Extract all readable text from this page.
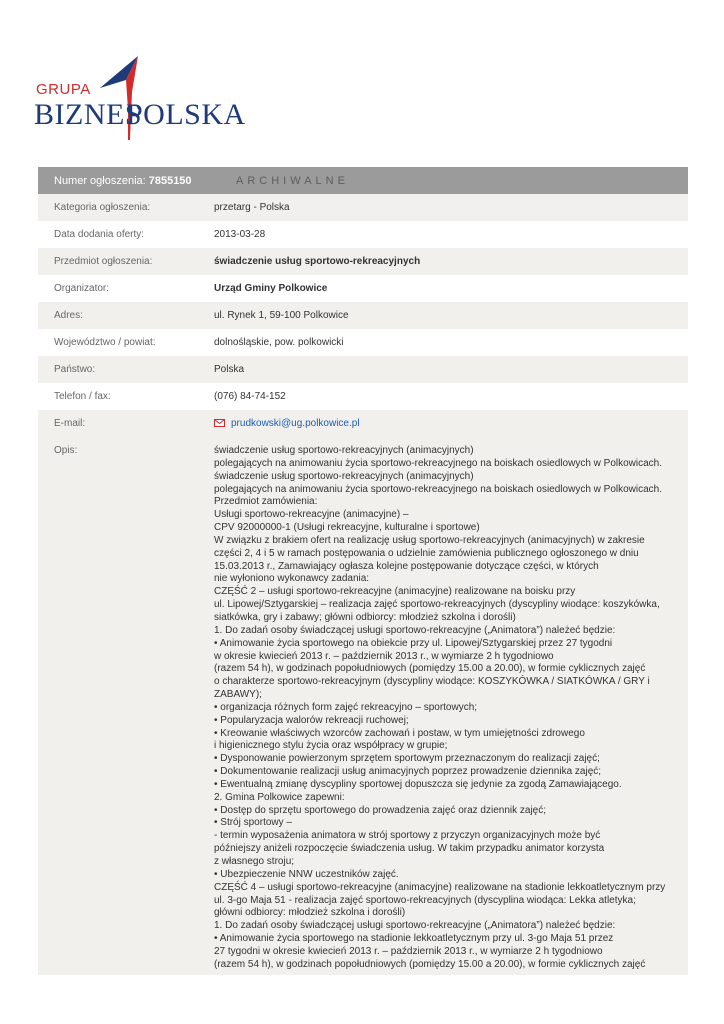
GRUPA
BIZNES
POLSKA
Numer ogłoszenia: 7855150	ARCHIWALNE
Kategoria ogłoszenia:	przetarg - Polska
Data dodania oferty:	2013-03-28
Przedmiot ogłoszenia:	świadczenie usług sportowo-rekreacyjnych
Organizator:	Urząd Gminy Polkowice
Adres:	ul. Rynek 1, 59-100 Polkowice
Województwo / powiat:	dolnośląskie, pow. polkowicki
Państwo:	Polska
Telefon / fax:	(076) 84-74-152
E-mail:	prudkowski@ug.polkowice.pl
Opis:	świadczenie usług sportowo-rekreacyjnych (animacyjnych)
polegających na animowaniu życia sportowo-rekreacyjnego na boiskach osiedlowych w Polkowicach.
świadczenie usług sportowo-rekreacyjnych (animacyjnych)
polegających na animowaniu życia sportowo-rekreacyjnego na boiskach osiedlowych w Polkowicach.
Przedmiot zamówienia:
Usługi sportowo-rekreacyjne (animacyjne) –
CPV 92000000-1 (Usługi rekreacyjne, kulturalne i sportowe)
W związku z brakiem ofert na realizację usług sportowo-rekreacyjnych (animacyjnych) w zakresie
części 2, 4 i 5 w ramach postępowania o udzielnie zamówienia publicznego ogłoszonego w dniu
15.03.2013 r., Zamawiający ogłasza kolejne postępowanie dotyczące części, w których
nie wyłoniono wykonawcy zadania:
CZĘŚĆ 2 – usługi sportowo-rekreacyjne (animacyjne) realizowane na boisku przy
ul. Lipowej/Sztygarskiej – realizacja zajęć sportowo-rekreacyjnych (dyscypliny wiodące: koszykówka,
siatkówka, gry i zabawy; główni odbiorcy: młodzież szkolna i dorośli)
1. Do zadań osoby świadczącej usługi sportowo-rekreacyjne („Animatora”) należeć będzie:
• Animowanie życia sportowego na obiekcie przy ul. Lipowej/Sztygarskiej przez 27 tygodni
w okresie kwiecień 2013 r. – październik 2013 r., w wymiarze 2 h tygodniowo
(razem 54 h), w godzinach popołudniowych (pomiędzy 15.00 a 20.00), w formie cyklicznych zajęć
o charakterze sportowo-rekreacyjnym (dyscypliny wiodące: KOSZYKÓWKA / SIATKÓWKA / GRY i
ZABAWY);
• organizacja różnych form zajęć rekreacyjno – sportowych;
• Popularyzacja walorów rekreacji ruchowej;
• Kreowanie właściwych wzorców zachowań i postaw, w tym umiejętności zdrowego
i higienicznego stylu życia oraz współpracy w grupie;
• Dysponowanie powierzonym sprzętem sportowym przeznaczonym do realizacji zajęć;
• Dokumentowanie realizacji usług animacyjnych poprzez prowadzenie dziennika zajęć;
• Ewentualną zmianę dyscypliny sportowej dopuszcza się jedynie za zgodą Zamawiającego.
2. Gmina Polkowice zapewni:
• Dostęp do sprzętu sportowego do prowadzenia zajęć oraz dziennik zajęć;
• Strój sportowy –
- termin wyposażenia animatora w strój sportowy z przyczyn organizacyjnych może być
późniejszy aniżeli rozpoczęcie świadczenia usług. W takim przypadku animator korzysta
z własnego stroju;
• Ubezpieczenie NNW uczestników zajęć.
CZĘŚĆ 4 – usługi sportowo-rekreacyjne (animacyjne) realizowane na stadionie lekkoatletycznym przy
ul. 3-go Maja 51 - realizacja zajęć sportowo-rekreacyjnych (dyscyplina wiodąca: Lekka atletyka;
główni odbiorcy: młodzież szkolna i dorośli)
1. Do zadań osoby świadczącej usługi sportowo-rekreacyjne („Animatora”) należeć będzie:
• Animowanie życia sportowego na stadionie lekkoatletycznym przy ul. 3-go Maja 51 przez
27 tygodni w okresie kwiecień 2013 r. – październik 2013 r., w wymiarze 2 h tygodniowo
(razem 54 h), w godzinach popołudniowych (pomiędzy 15.00 a 20.00), w formie cyklicznych zajęć
